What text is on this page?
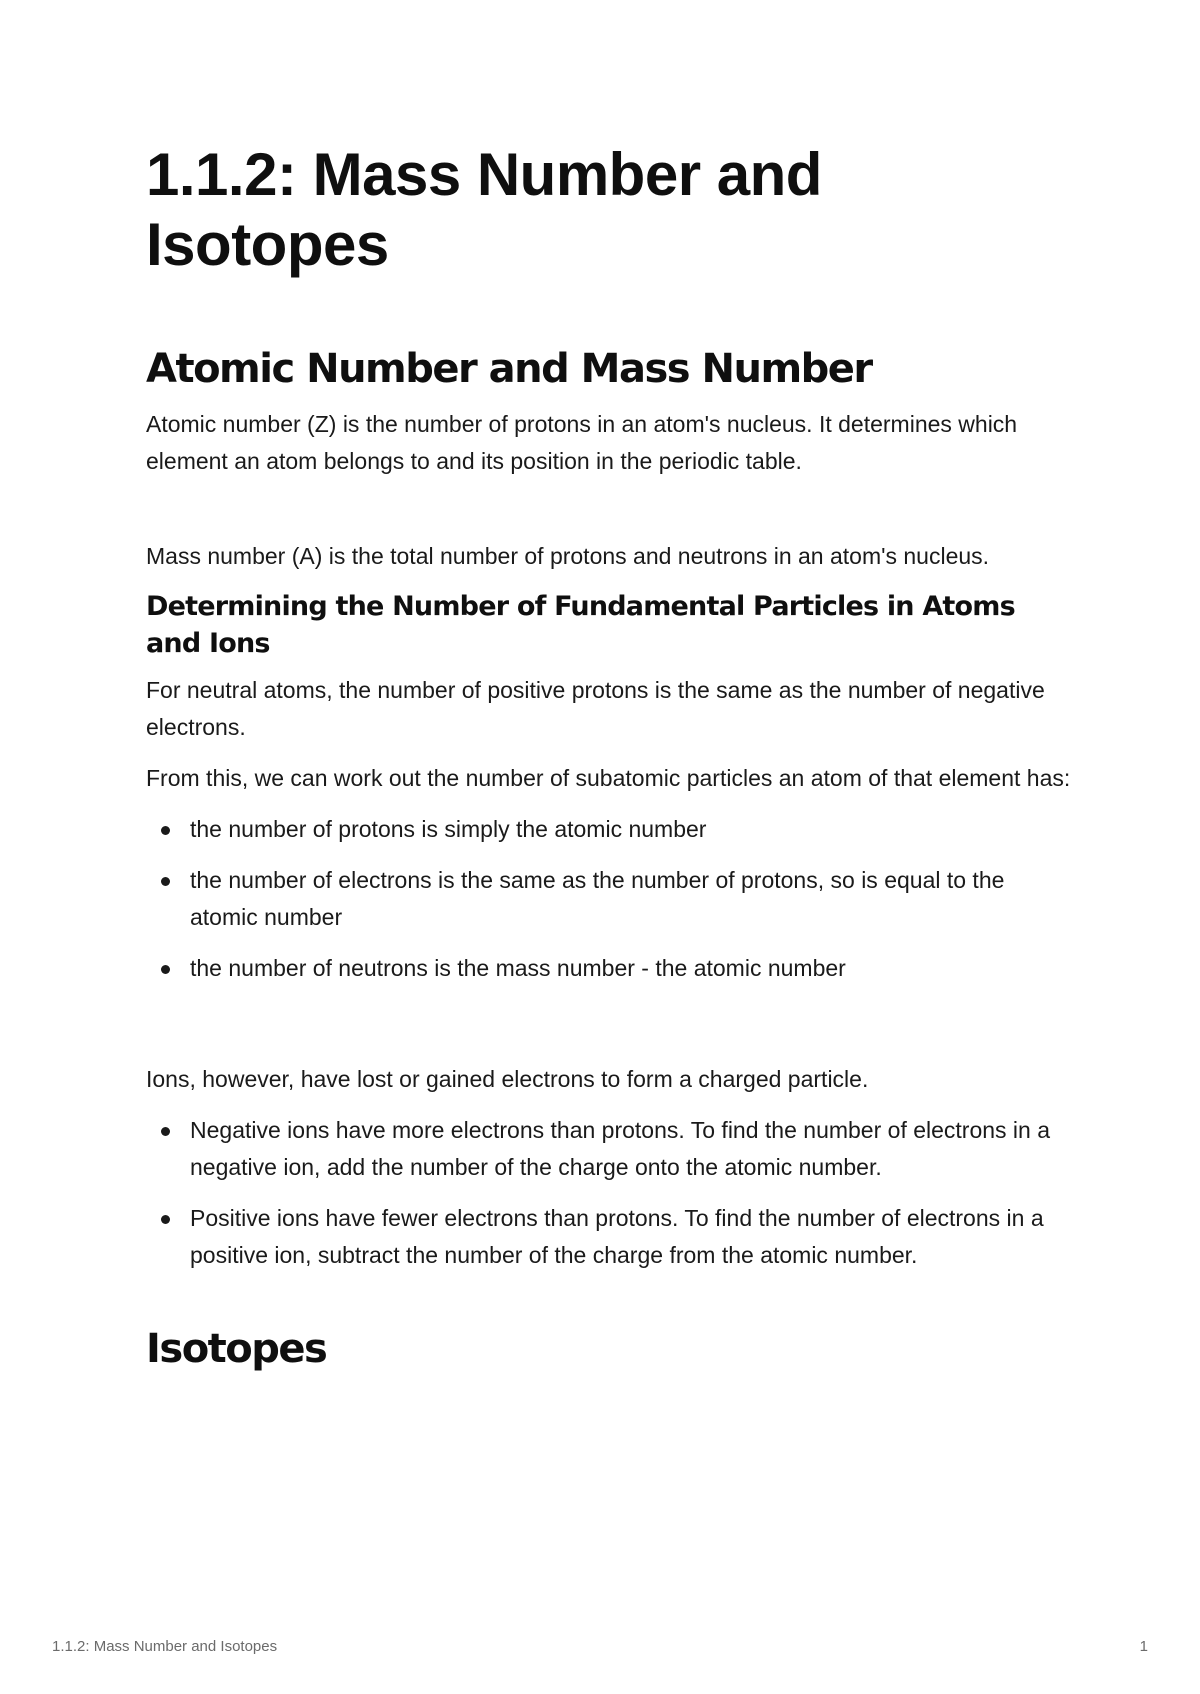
1.1.2: Mass Number and Isotopes
Atomic Number and Mass Number

Atomic number (Z) is the number of protons in an atom's nucleus. It determines which element an atom belongs to and its position in the periodic table.

Mass number (A) is the total number of protons and neutrons in an atom's nucleus.

Determining the Number of Fundamental Particles in Atoms and Ions

For neutral atoms, the number of positive protons is the same as the number of negative electrons.

From this, we can work out the number of subatomic particles an atom of that element has:

the number of protons is simply the atomic number
the number of electrons is the same as the number of protons, so is equal to the atomic number
the number of neutrons is the mass number - the atomic number

Ions, however, have lost or gained electrons to form a charged particle.

Negative ions have more electrons than protons. To find the number of electrons in a negative ion, add the number of the charge onto the atomic number.
Positive ions have fewer electrons than protons. To find the number of electrons in a positive ion, subtract the number of the charge from the atomic number.
Isotopes
1.1.2: Mass Number and Isotopes	1
